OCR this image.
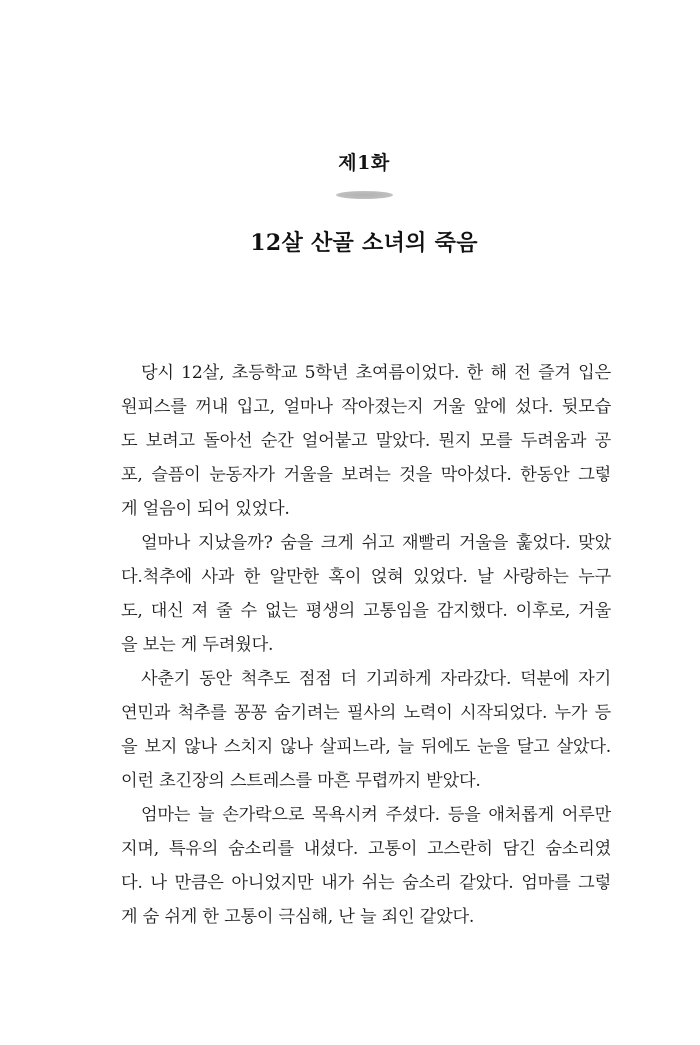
제1화
12살 산골 소녀의 죽음

당시 12살, 초등학교 5학년 초여름이었다. 한 해 전 즐겨 입은
원피스를 꺼내 입고, 얼마나 작아졌는지 거울 앞에 섰다. 뒷모습
도 보려고 돌아선 순간 얼어붙고 말았다. 뭔지 모를 두려움과 공
포, 슬픔이 눈동자가 거울을 보려는 것을 막아섰다. 한동안 그렇
게 얼음이 되어 있었다.

얼마나 지났을까? 숨을 크게 쉬고 재빨리 거울을 훑었다. 맞았
다.척추에 사과 한 알만한 혹이 얹혀 있었다. 날 사랑하는 누구
도, 대신 져 줄 수 없는 평생의 고통임을 감지했다. 이후로, 거울
을 보는 게 두려웠다.

사춘기 동안 척추도 점점 더 기괴하게 자라갔다. 덕분에 자기
연민과 척추를 꽁꽁 숨기려는 필사의 노력이 시작되었다. 누가 등
을 보지 않나 스치지 않나 살피느라, 늘 뒤에도 눈을 달고 살았다.
이런 초긴장의 스트레스를 마흔 무렵까지 받았다.

엄마는 늘 손가락으로 목욕시켜 주셨다. 등을 애처롭게 어루만
지며, 특유의 숨소리를 내셨다. 고통이 고스란히 담긴 숨소리였
다. 나 만큼은 아니었지만 내가 쉬는 숨소리 같았다. 엄마를 그렇
게 숨 쉬게 한 고통이 극심해, 난 늘 죄인 같았다.
